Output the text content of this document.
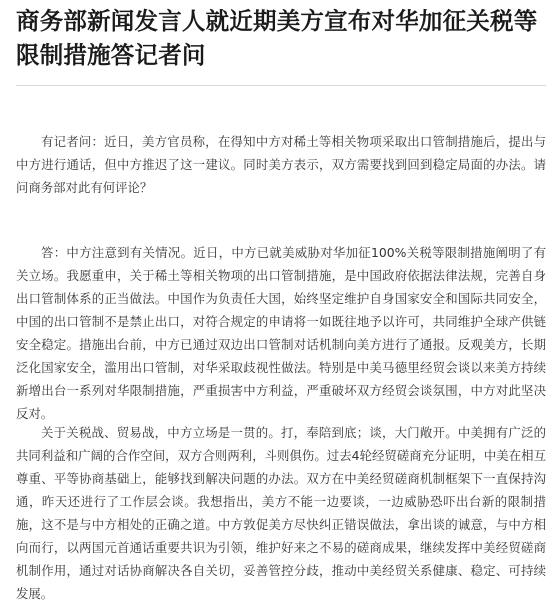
商务部新闻发言人就近期美方宣布对华加征关税等限制措施答记者问

有记者问：近日，美方官员称，在得知中方对稀土等相关物项采取出口管制措施后，提出与中方进行通话，但中方推迟了这一建议。同时美方表示，双方需要找到回到稳定局面的办法。请问商务部对此有何评论？

答：中方注意到有关情况。近日，中方已就美威胁对华加征100%关税等限制措施阐明了有关立场。我愿重申，关于稀土等相关物项的出口管制措施，是中国政府依据法律法规，完善自身出口管制体系的正当做法。中国作为负责任大国，始终坚定维护自身国家安全和国际共同安全，中国的出口管制不是禁止出口，对符合规定的申请将一如既往地予以许可，共同维护全球产供链安全稳定。措施出台前，中方已通过双边出口管制对话机制向美方进行了通报。反观美方，长期泛化国家安全，滥用出口管制，对华采取歧视性做法。特别是中美马德里经贸会谈以来美方持续新增出台一系列对华限制措施，严重损害中方利益，严重破坏双方经贸会谈氛围，中方对此坚决反对。

关于关税战、贸易战，中方立场是一贯的。打，奉陪到底；谈，大门敞开。中美拥有广泛的共同利益和广阔的合作空间，双方合则两利，斗则俱伤。过去4轮经贸磋商充分证明，中美在相互尊重、平等协商基础上，能够找到解决问题的办法。双方在中美经贸磋商机制框架下一直保持沟通，昨天还进行了工作层会谈。我想指出，美方不能一边要谈，一边威胁恐吓出台新的限制措施，这不是与中方相处的正确之道。中方敦促美方尽快纠正错误做法，拿出谈的诚意，与中方相向而行，以两国元首通话重要共识为引领，维护好来之不易的磋商成果，继续发挥中美经贸磋商机制作用，通过对话协商解决各自关切，妥善管控分歧，推动中美经贸关系健康、稳定、可持续发展。
